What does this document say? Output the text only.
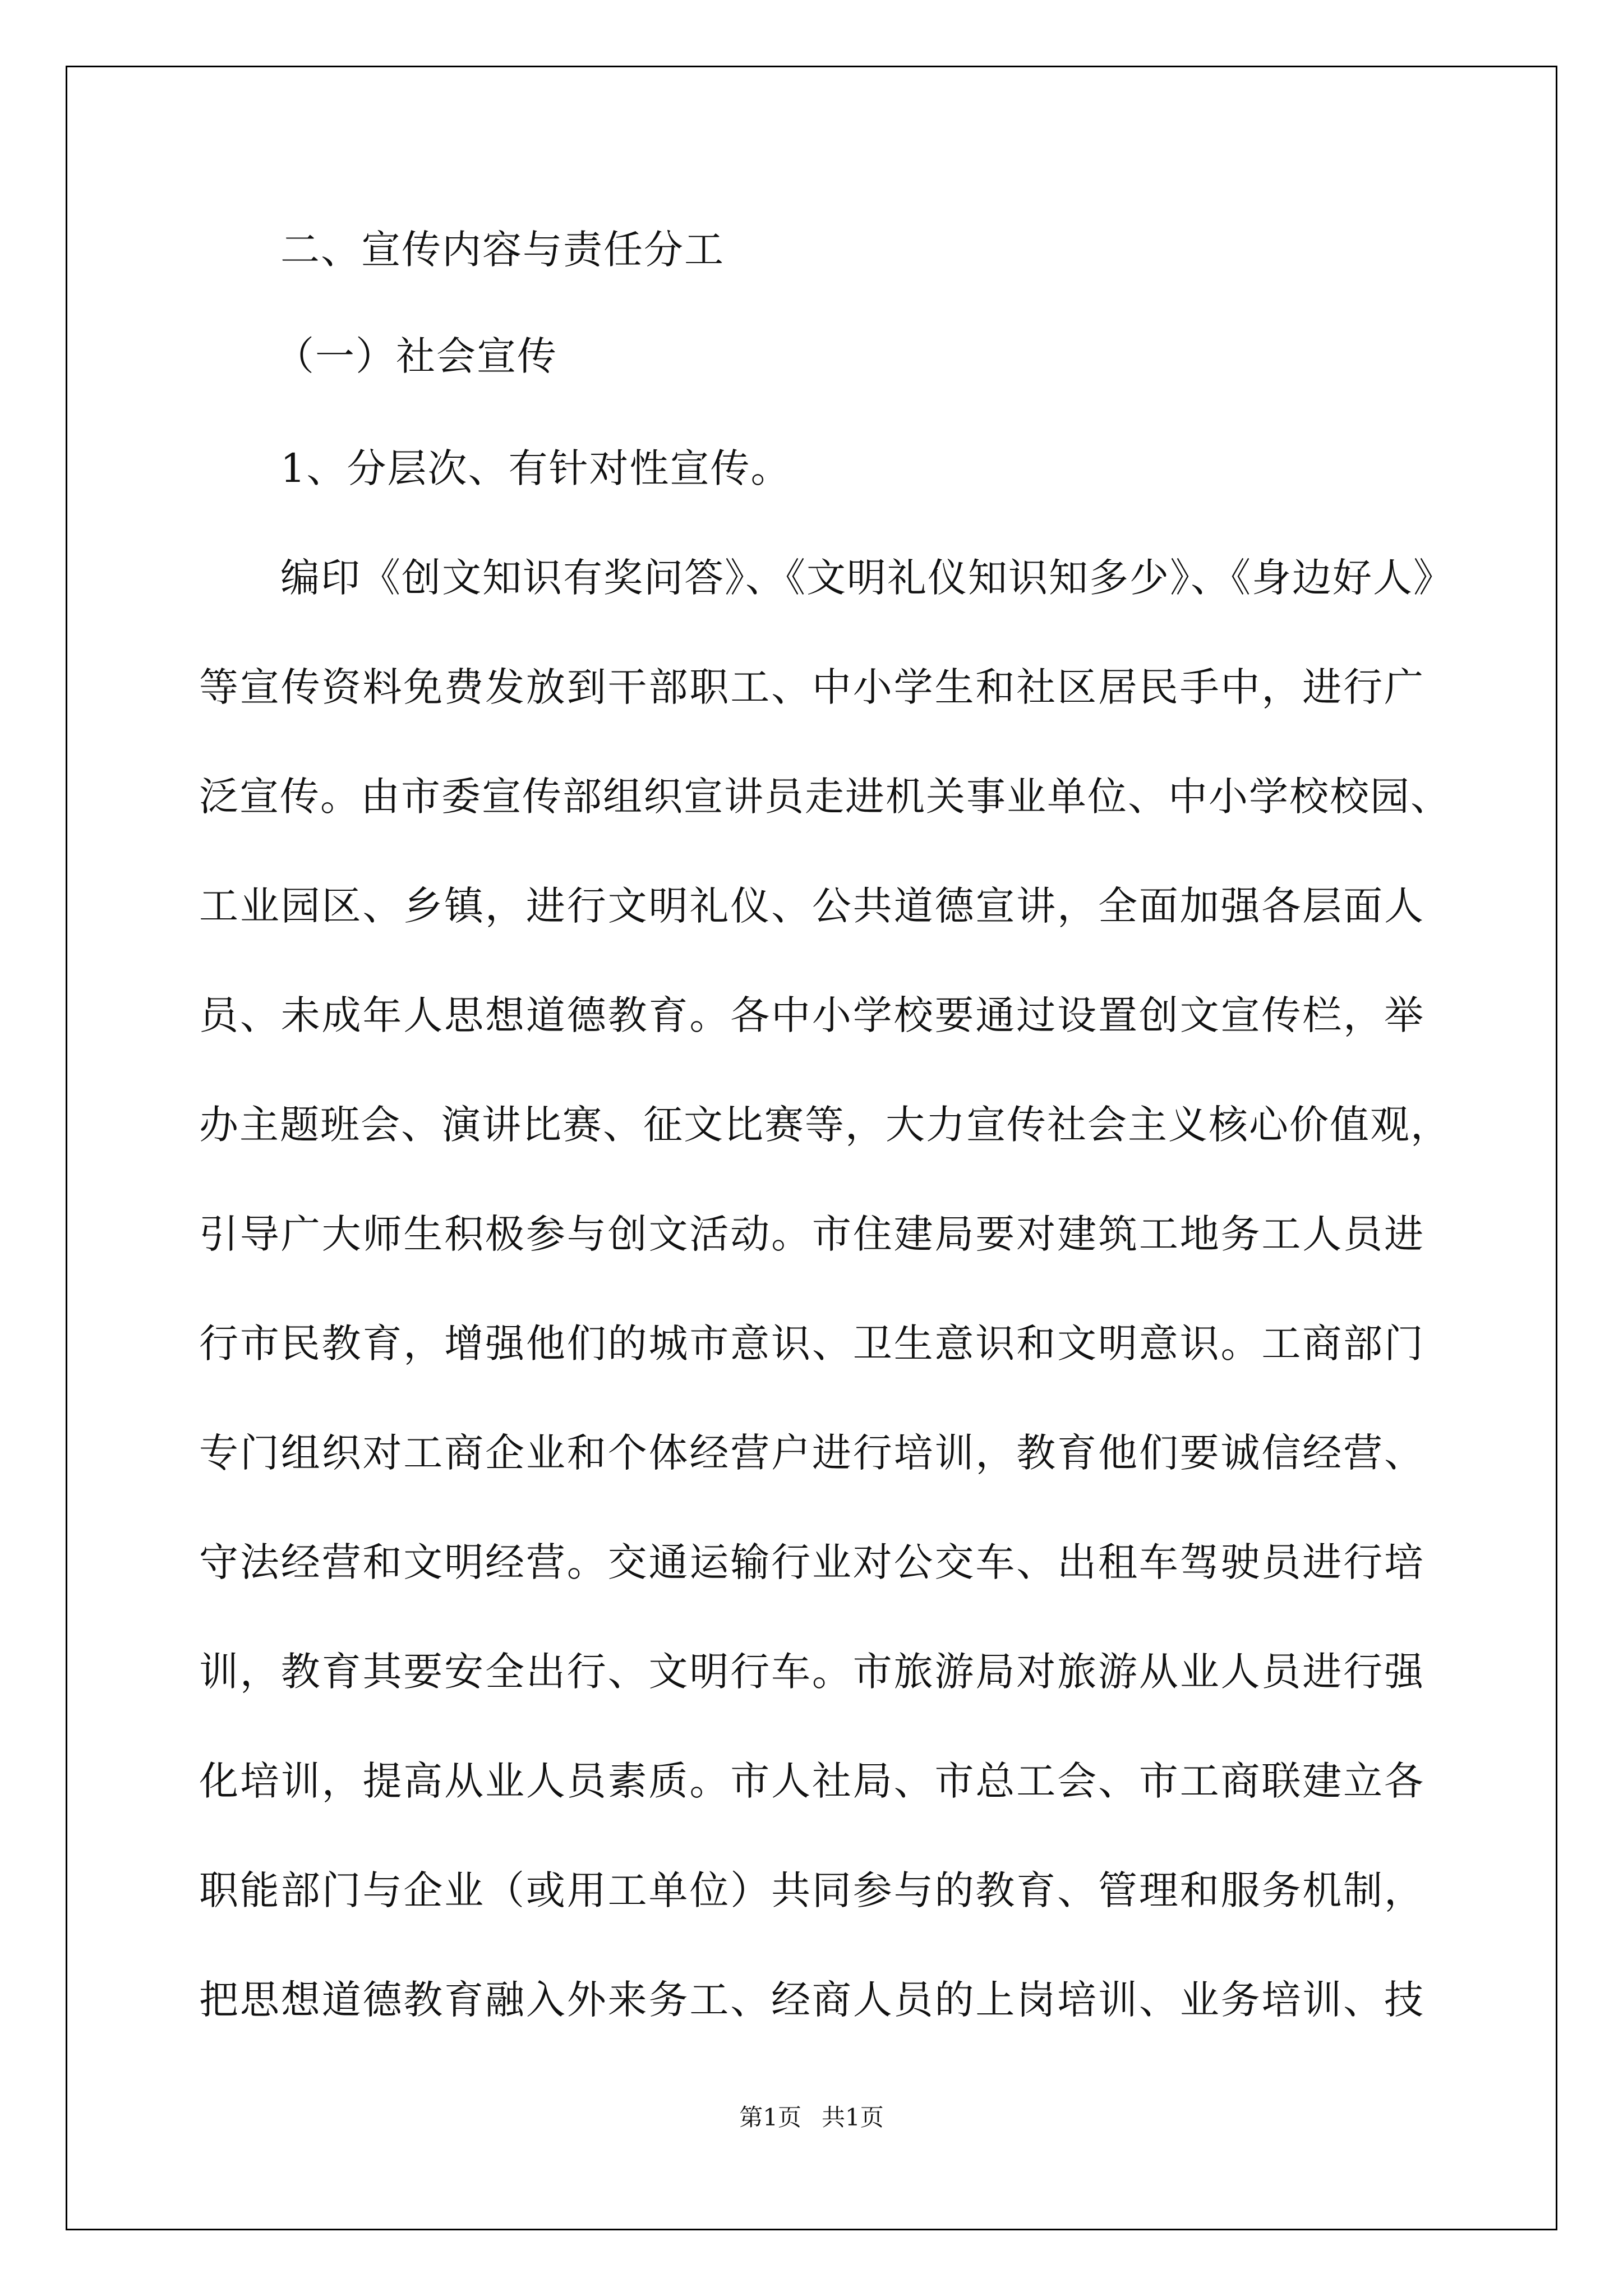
二、宣传内容与责任分工
（一）社会宣传
1、分层次、有针对性宣传。
编印《创文知识有奖问答》、《文明礼仪知识知多少》、《身边好人》
等宣传资料免费发放到干部职工、中小学生和社区居民手中，进行广
泛宣传。由市委宣传部组织宣讲员走进机关事业单位、中小学校校园、
工业园区、乡镇，进行文明礼仪、公共道德宣讲，全面加强各层面人
员、未成年人思想道德教育。各中小学校要通过设置创文宣传栏，举
办主题班会、演讲比赛、征文比赛等，大力宣传社会主义核心价值观，
引导广大师生积极参与创文活动。市住建局要对建筑工地务工人员进
行市民教育，增强他们的城市意识、卫生意识和文明意识。工商部门
专门组织对工商企业和个体经营户进行培训，教育他们要诚信经营、
守法经营和文明经营。交通运输行业对公交车、出租车驾驶员进行培
训，教育其要安全出行、文明行车。市旅游局对旅游从业人员进行强
化培训，提高从业人员素质。市人社局、市总工会、市工商联建立各
职能部门与企业（或用工单位）共同参与的教育、管理和服务机制，
把思想道德教育融入外来务工、经商人员的上岗培训、业务培训、技
第1页 共1页
